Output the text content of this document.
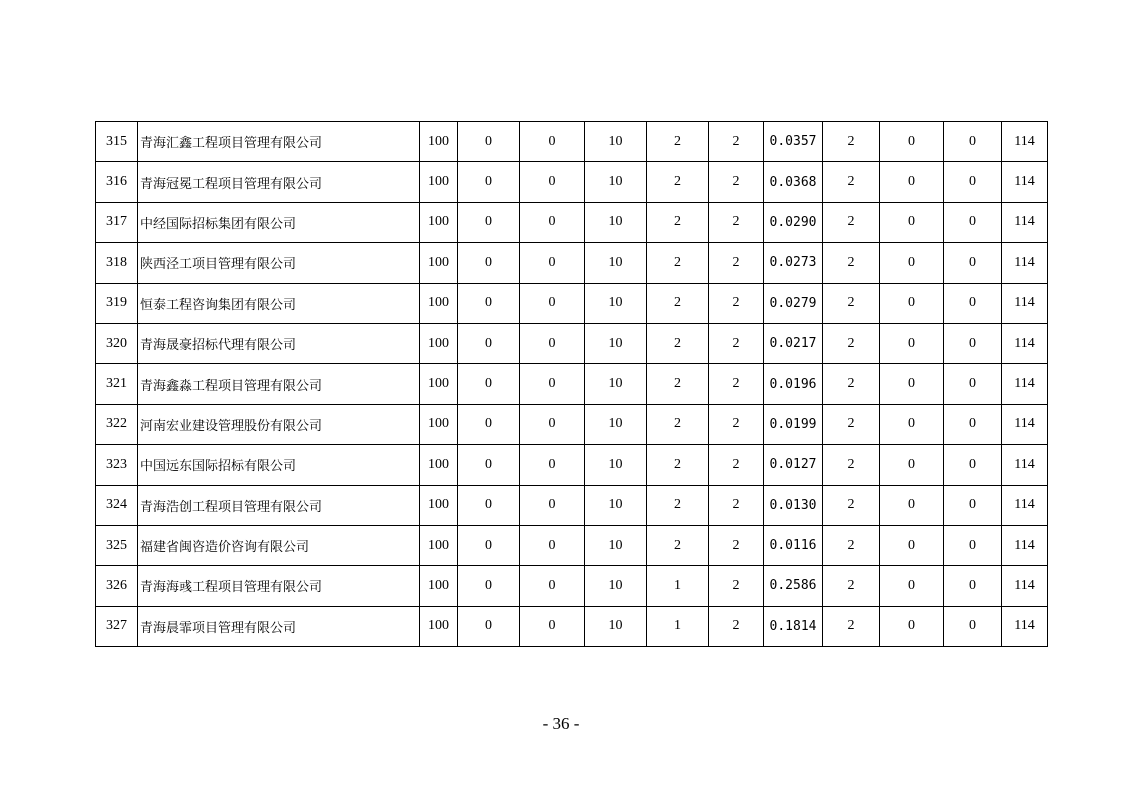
315	青海汇鑫工程项目管理有限公司	100	0	0	10	2	2	0.0357	2	0	0	114
316	青海冠冕工程项目管理有限公司	100	0	0	10	2	2	0.0368	2	0	0	114
317	中经国际招标集团有限公司	100	0	0	10	2	2	0.0290	2	0	0	114
318	陕西泾工项目管理有限公司	100	0	0	10	2	2	0.0273	2	0	0	114
319	恒泰工程咨询集团有限公司	100	0	0	10	2	2	0.0279	2	0	0	114
320	青海晟豪招标代理有限公司	100	0	0	10	2	2	0.0217	2	0	0	114
321	青海鑫淼工程项目管理有限公司	100	0	0	10	2	2	0.0196	2	0	0	114
322	河南宏业建设管理股份有限公司	100	0	0	10	2	2	0.0199	2	0	0	114
323	中国远东国际招标有限公司	100	0	0	10	2	2	0.0127	2	0	0	114
324	青海浩创工程项目管理有限公司	100	0	0	10	2	2	0.0130	2	0	0	114
325	福建省闽咨造价咨询有限公司	100	0	0	10	2	2	0.0116	2	0	0	114
326	青海海彧工程项目管理有限公司	100	0	0	10	1	2	0.2586	2	0	0	114
327	青海晨霏项目管理有限公司	100	0	0	10	1	2	0.1814	2	0	0	114
- 36 -
